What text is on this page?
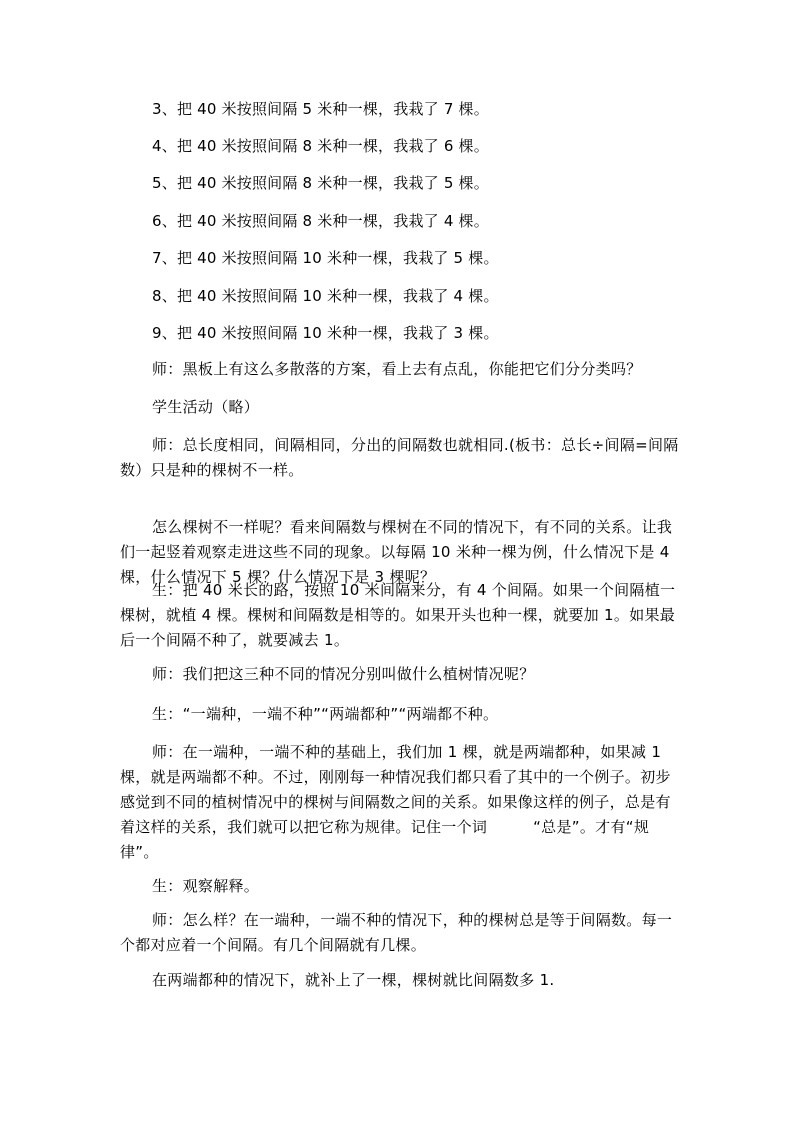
3、把 40 米按照间隔 5 米种一棵，我栽了 7 棵。
4、把 40 米按照间隔 8 米种一棵，我栽了 6 棵。
5、把 40 米按照间隔 8 米种一棵，我栽了 5 棵。
6、把 40 米按照间隔 8 米种一棵，我栽了 4 棵。
7、把 40 米按照间隔 10 米种一棵，我栽了 5 棵。
8、把 40 米按照间隔 10 米种一棵，我栽了 4 棵。
9、把 40 米按照间隔 10 米种一棵，我栽了 3 棵。

师：黑板上有这么多散落的方案，看上去有点乱，你能把它们分分类吗？

学生活动（略）

师：总长度相同，间隔相同，分出的间隔数也就相同.(板书：总长÷间隔=间隔数）只是种的棵树不一样。

怎么棵树不一样呢？看来间隔数与棵树在不同的情况下，有不同的关系。让我们一起竖着观察走进这些不同的现象。以每隔 10 米种一棵为例，什么情况下是 4 棵，什么情况下 5 棵？什么情况下是 3 棵呢？

生：把 40 米长的路，按照 10 米间隔来分，有 4 个间隔。如果一个间隔植一棵树，就植 4 棵。棵树和间隔数是相等的。如果开头也种一棵，就要加 1。如果最后一个间隔不种了，就要减去 1。

师：我们把这三种不同的情况分别叫做什么植树情况呢？

生：“一端种，一端不种”“两端都种”“两端都不种。

师：在一端种，一端不种的基础上，我们加 1 棵，就是两端都种，如果减 1 棵，就是两端都不种。不过，刚刚每一种情况我们都只看了其中的一个例子。初步感觉到不同的植树情况中的棵树与间隔数之间的关系。如果像这样的例子，总是有着这样的关系，我们就可以把它称为规律。记住一个词　　　“总是”。才有“规律”。

生：观察解释。

师：怎么样？在一端种，一端不种的情况下，种的棵树总是等于间隔数。每一个都对应着一个间隔。有几个间隔就有几棵。

在两端都种的情况下，就补上了一棵，棵树就比间隔数多 1.
